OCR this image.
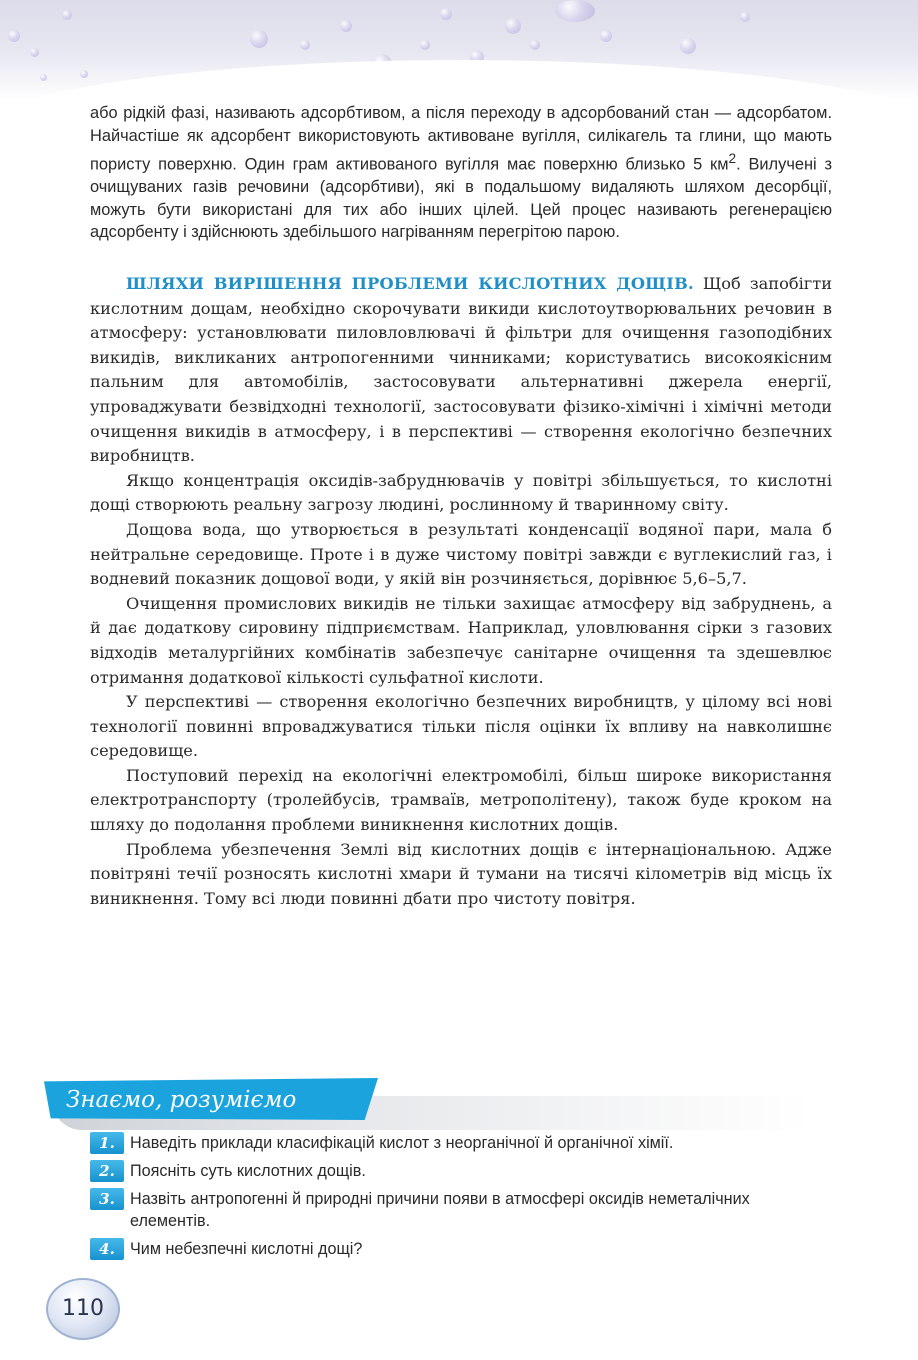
або рідкій фазі, називають адсорбтивом, а після переходу в адсорбований стан — адсорбатом. Найчастіше як адсорбент використовують активоване вугілля, силікагель та глини, що мають пористу поверхню. Один грам активованого вугілля має поверхню близько 5 $км^2$. Вилучені з очищуваних газів речовини (адсорбтиви), які в подальшому видаляють шляхом десорбції, можуть бути використані для тих або інших цілей. Цей процес називають регенерацією адсорбенту і здійснюють здебільшого нагріванням перегрітою парою.

ШЛЯХИ ВИРІШЕННЯ ПРОБЛЕМИ КИСЛОТНИХ ДОЩІВ. Щоб запобігти кислотним дощам, необхідно скорочувати викиди кислотоутворювальних речовин в атмосферу: установлювати пиловловлювачі й фільтри для очищення газоподібних викидів, викликаних антропогенними чинниками; користуватись високоякісним пальним для автомобілів, застосовувати альтернативні джерела енергії, упроваджувати безвідходні технології, застосовувати фізико-хімічні і хімічні методи очищення викидів в атмосферу, і в перспективі — створення екологічно безпечних виробництв.

Якщо концентрація оксидів-забруднювачів у повітрі збільшується, то кислотні дощі створюють реальну загрозу людині, рослинному й тваринному світу.

Дощова вода, що утворюється в результаті конденсації водяної пари, мала б нейтральне середовище. Проте і в дуже чистому повітрі завжди є вуглекислий газ, і водневий показник дощової води, у якій він розчиняється, дорівнює 5,6–5,7.

Очищення промислових викидів не тільки захищає атмосферу від забруднень, а й дає додаткову сировину підприємствам. Наприклад, уловлювання сірки з газових відходів металургійних комбінатів забезпечує санітарне очищення та здешевлює отримання додаткової кількості сульфатної кислоти.

У перспективі — створення екологічно безпечних виробництв, у цілому всі нові технології повинні впроваджуватися тільки після оцінки їх впливу на навколишнє середовище.

Поступовий перехід на екологічні електромобілі, більш широке використання електротранспорту (тролейбусів, трамваїв, метрополітену), також буде кроком на шляху до подолання проблеми виникнення кислотних дощів.

Проблема убезпечення Землі від кислотних дощів є інтернаціональною. Адже повітряні течії розносять кислотні хмари й тумани на тисячі кілометрів від місць їх виникнення. Тому всі люди повинні дбати про чистоту повітря.

Знаємо, розуміємо
1. Наведіть приклади класифікацій кислот з неорганічної й органічної хімії.
2. Поясніть суть кислотних дощів.
3. Назвіть антропогенні й природні причини появи в атмосфері оксидів неметалічних елементів.
4. Чим небезпечні кислотні дощі?
110
